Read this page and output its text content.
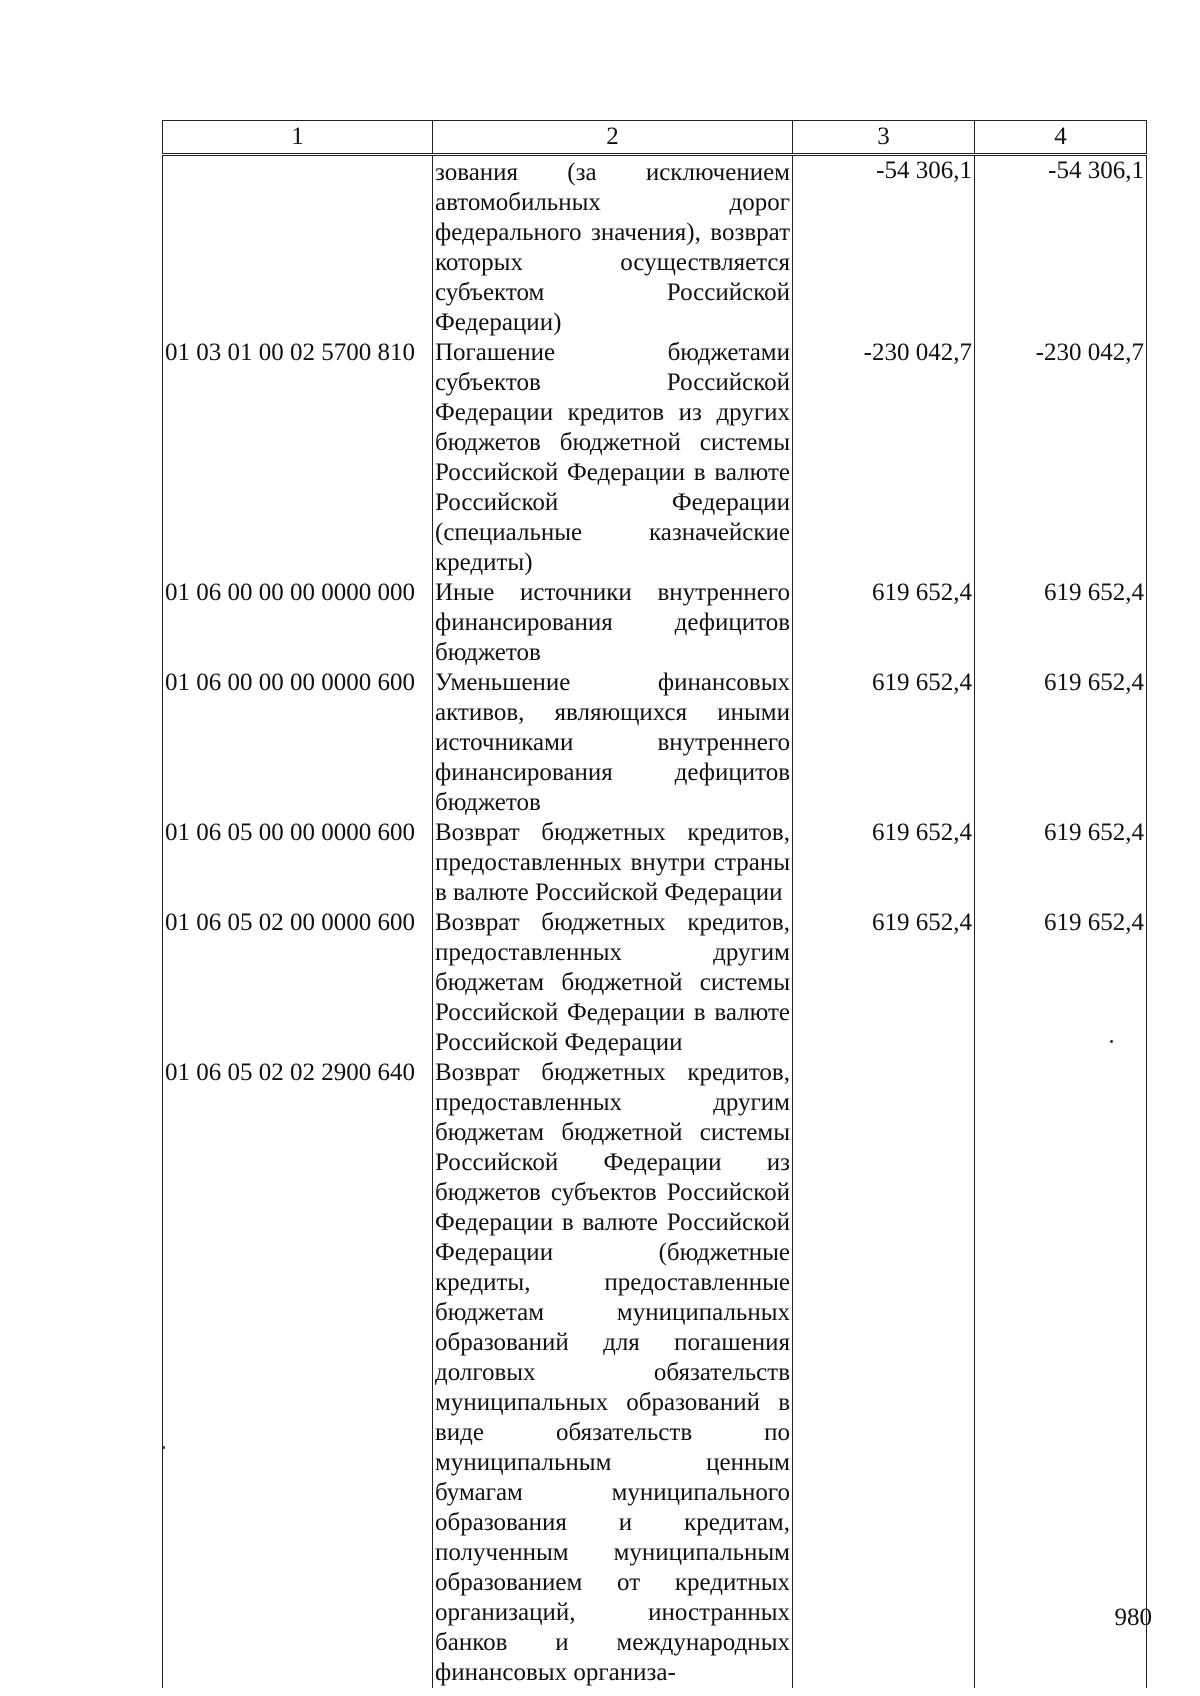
1	2	3	4

	зования (за исключением автомобильных дорог федерального значения), возврат которых осуществляется субъектом Российской Федерации)	-54 306,1	-54 306,1
01 03 01 00 02 5700 810	Погашение бюджетами субъектов Российской Федерации кредитов из других бюджетов бюджетной системы Российской Федерации в валюте Российской Федерации (специальные казначейские кредиты)	-230 042,7	-230 042,7
01 06 00 00 00 0000 000	Иные источники внутреннего финансирования дефицитов бюджетов	619 652,4	619 652,4
01 06 00 00 00 0000 600	Уменьшение финансовых активов, являющихся иными источниками внутреннего финансирования дефицитов бюджетов	619 652,4	619 652,4
01 06 05 00 00 0000 600	Возврат бюджетных кредитов, предоставленных внутри страны в валюте Российской Федерации	619 652,4	619 652,4
01 06 05 02 00 0000 600	Возврат бюджетных кредитов, предоставленных другим бюджетам бюджетной системы Российской Федерации в валюте Российской Федерации	619 652,4	619 652,4
01 06 05 02 02 2900 640	Возврат бюджетных кредитов, предоставленных другим бюджетам бюджетной системы Российской Федерации из бюджетов субъектов Российской Федерации в валюте Российской Федерации (бюджетные кредиты, предоставленные бюджетам муниципальных образований для погашения долговых обязательств муниципальных образований в виде обязательств по муниципальным ценным бумагам муниципального образования и кредитам, полученным муниципальным образованием от кредитных организаций, иностранных банков и международных финансовых организа-		

980
